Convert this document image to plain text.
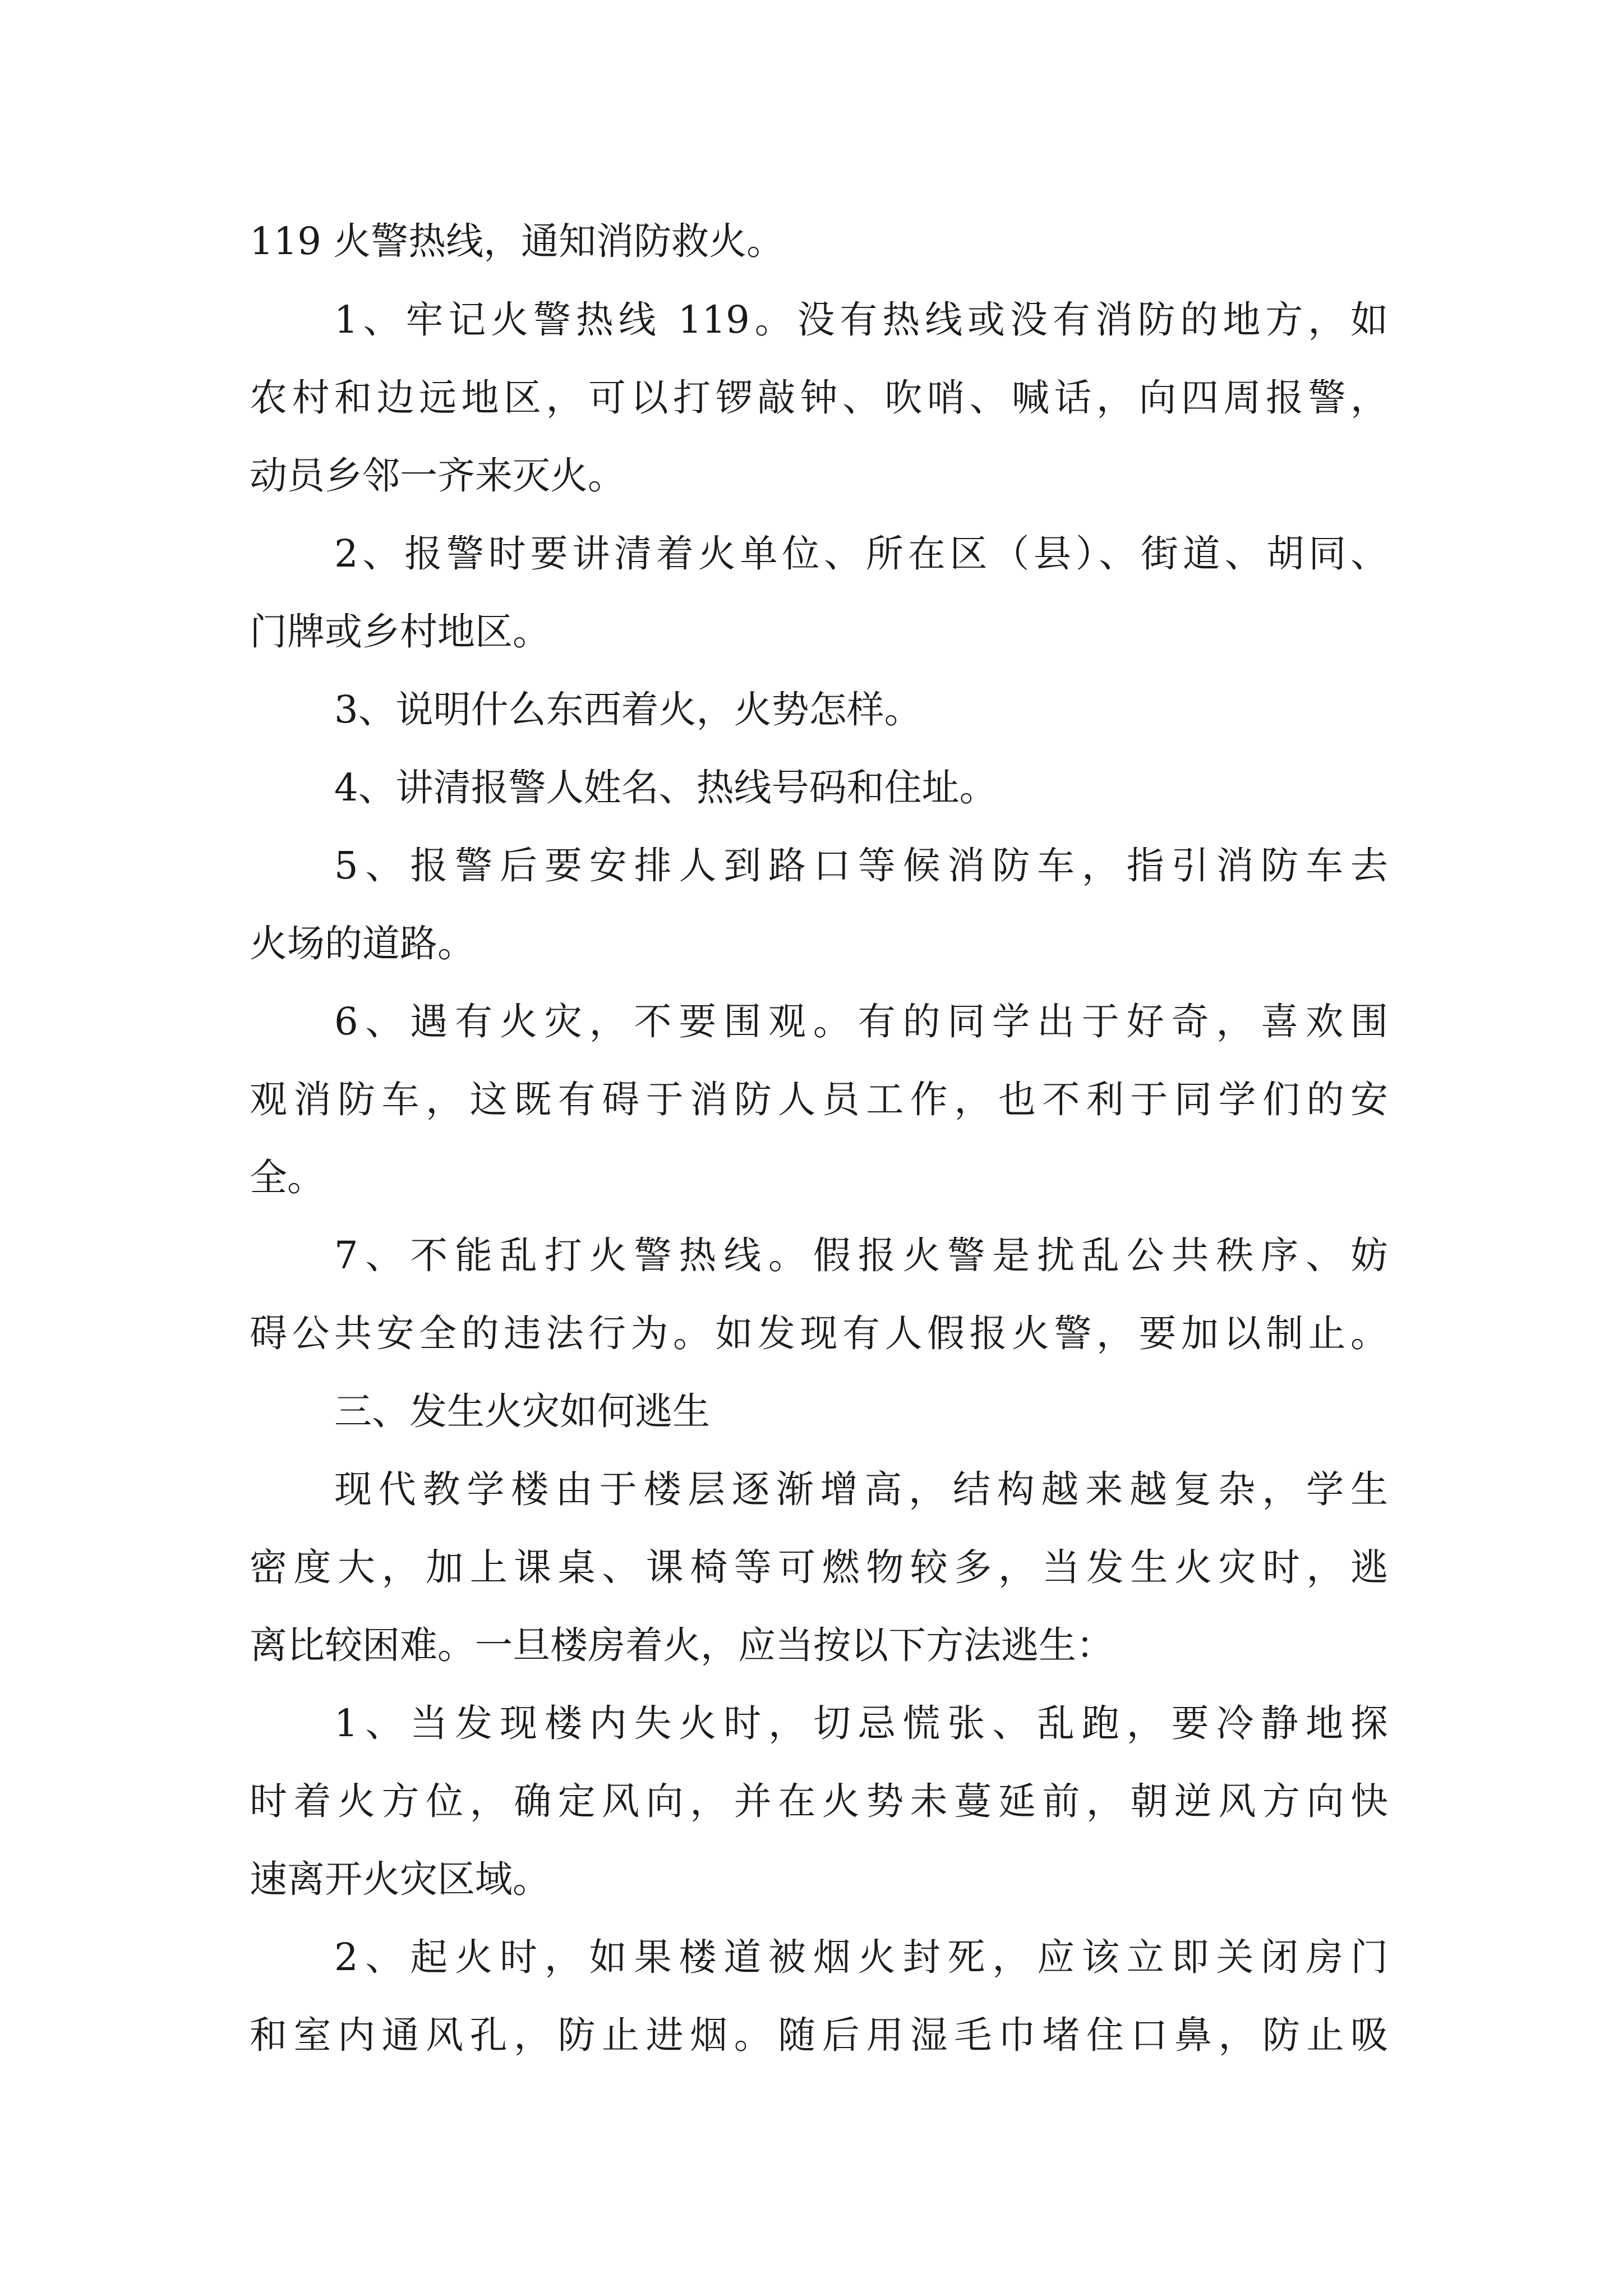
119 火警热线，通知消防救火。
1、牢记火警热线 119。没有热线或没有消防的地方，如
农村和边远地区，可以打锣敲钟、吹哨、喊话，向四周报警，
动员乡邻一齐来灭火。
2、报警时要讲清着火单位、所在区（县）、街道、胡同、
门牌或乡村地区。
3、说明什么东西着火，火势怎样。
4、讲清报警人姓名、热线号码和住址。
5、报警后要安排人到路口等候消防车，指引消防车去
火场的道路。
6、遇有火灾，不要围观。有的同学出于好奇，喜欢围
观消防车，这既有碍于消防人员工作，也不利于同学们的安
全。
7、不能乱打火警热线。假报火警是扰乱公共秩序、妨
碍公共安全的违法行为。如发现有人假报火警，要加以制止。
三、发生火灾如何逃生
现代教学楼由于楼层逐渐增高，结构越来越复杂，学生
密度大，加上课桌、课椅等可燃物较多，当发生火灾时，逃
离比较困难。一旦楼房着火，应当按以下方法逃生：
1、当发现楼内失火时，切忌慌张、乱跑，要冷静地探
时着火方位，确定风向，并在火势未蔓延前，朝逆风方向快
速离开火灾区域。
2、起火时，如果楼道被烟火封死，应该立即关闭房门
和室内通风孔，防止进烟。随后用湿毛巾堵住口鼻，防止吸
